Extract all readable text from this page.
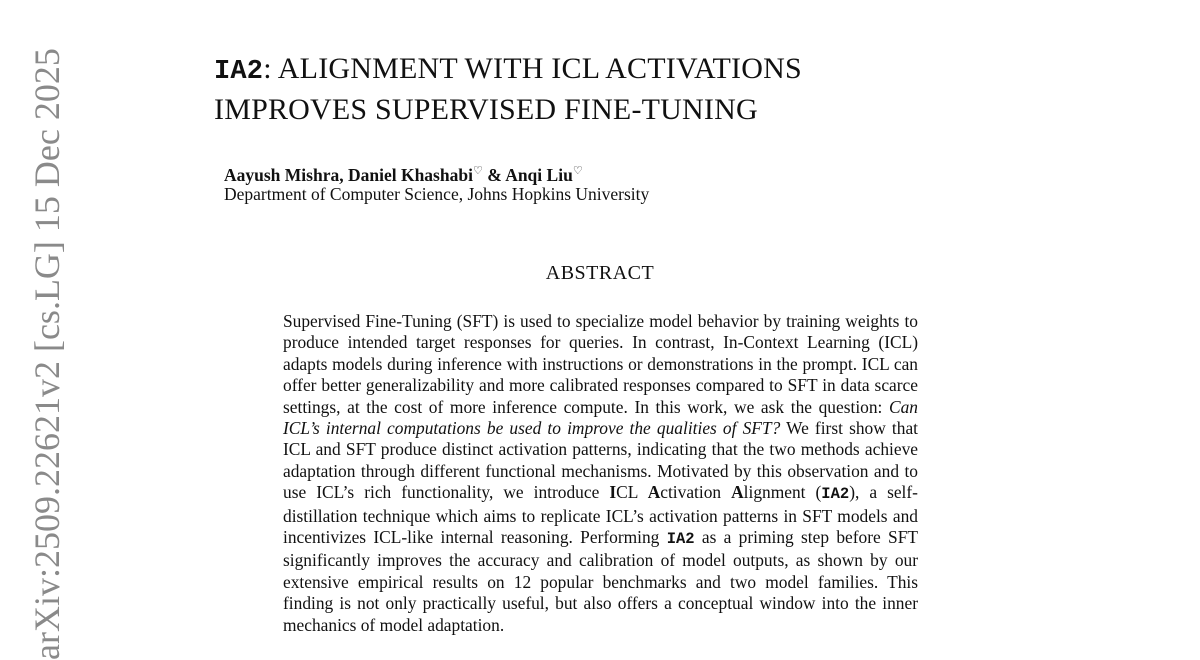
IA2: ALIGNMENT WITH ICL ACTIVATIONS
IMPROVES SUPERVISED FINE-TUNING
Aayush Mishra, Daniel Khashabi♡ & Anqi Liu♡
Department of Computer Science, Johns Hopkins University
ABSTRACT
Supervised Fine-Tuning (SFT) is used to specialize model behavior by training weights to produce intended target responses for queries. In contrast, In-Context Learning (ICL) adapts models during inference with instructions or demonstrations in the prompt. ICL can offer better generalizability and more calibrated responses compared to SFT in data scarce settings, at the cost of more inference compute. In this work, we ask the question: Can ICL’s internal computations be used to improve the qualities of SFT? We first show that ICL and SFT produce distinct activation patterns, indicating that the two methods achieve adaptation through different functional mechanisms. Motivated by this observation and to use ICL’s rich functionality, we introduce ICL Activation Alignment (IA2), a self-distillation technique which aims to replicate ICL’s activation patterns in SFT models and incentivizes ICL-like internal reasoning. Performing IA2 as a priming step before SFT significantly improves the accuracy and calibration of model outputs, as shown by our extensive empirical results on 12 popular benchmarks and two model families. This finding is not only practically useful, but also offers a conceptual window into the inner mechanics of model adaptation.
arXiv:2509.22621v2 [cs.LG] 15 Dec 2025
